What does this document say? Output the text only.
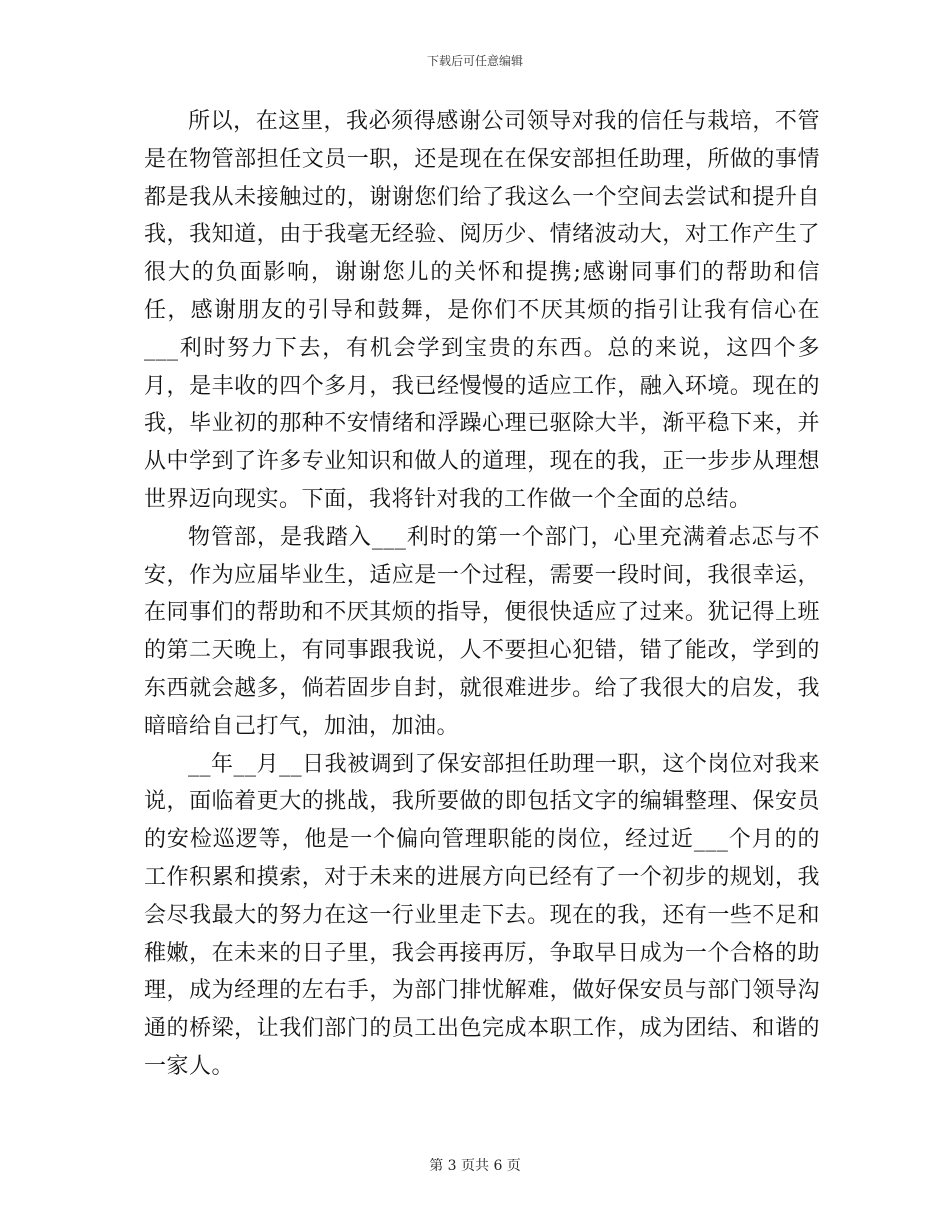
下载后可任意编辑

所以，在这里，我必须得感谢公司领导对我的信任与栽培，不管是在物管部担任文员一职，还是现在在保安部担任助理，所做的事情都是我从未接触过的，谢谢您们给了我这么一个空间去尝试和提升自我，我知道，由于我毫无经验、阅历少、情绪波动大，对工作产生了很大的负面影响，谢谢您儿的关怀和提携;感谢同事们的帮助和信任，感谢朋友的引导和鼓舞，是你们不厌其烦的指引让我有信心在___利时努力下去，有机会学到宝贵的东西。总的来说，这四个多月，是丰收的四个多月，我已经慢慢的适应工作，融入环境。现在的我，毕业初的那种不安情绪和浮躁心理已驱除大半，渐平稳下来，并从中学到了许多专业知识和做人的道理，现在的我，正一步步从理想世界迈向现实。下面，我将针对我的工作做一个全面的总结。

物管部，是我踏入___利时的第一个部门，心里充满着忐忑与不安，作为应届毕业生，适应是一个过程，需要一段时间，我很幸运，在同事们的帮助和不厌其烦的指导，便很快适应了过来。犹记得上班的第二天晚上，有同事跟我说，人不要担心犯错，错了能改，学到的东西就会越多，倘若固步自封，就很难进步。给了我很大的启发，我暗暗给自己打气，加油，加油。

__年__月__日我被调到了保安部担任助理一职，这个岗位对我来说，面临着更大的挑战，我所要做的即包括文字的编辑整理、保安员的安检巡逻等，他是一个偏向管理职能的岗位，经过近___个月的的工作积累和摸索，对于未来的进展方向已经有了一个初步的规划，我会尽我最大的努力在这一行业里走下去。现在的我，还有一些不足和稚嫩，在未来的日子里，我会再接再厉，争取早日成为一个合格的助理，成为经理的左右手，为部门排忧解难，做好保安员与部门领导沟通的桥梁，让我们部门的员工出色完成本职工作，成为团结、和谐的一家人。

第 3 页共 6 页
